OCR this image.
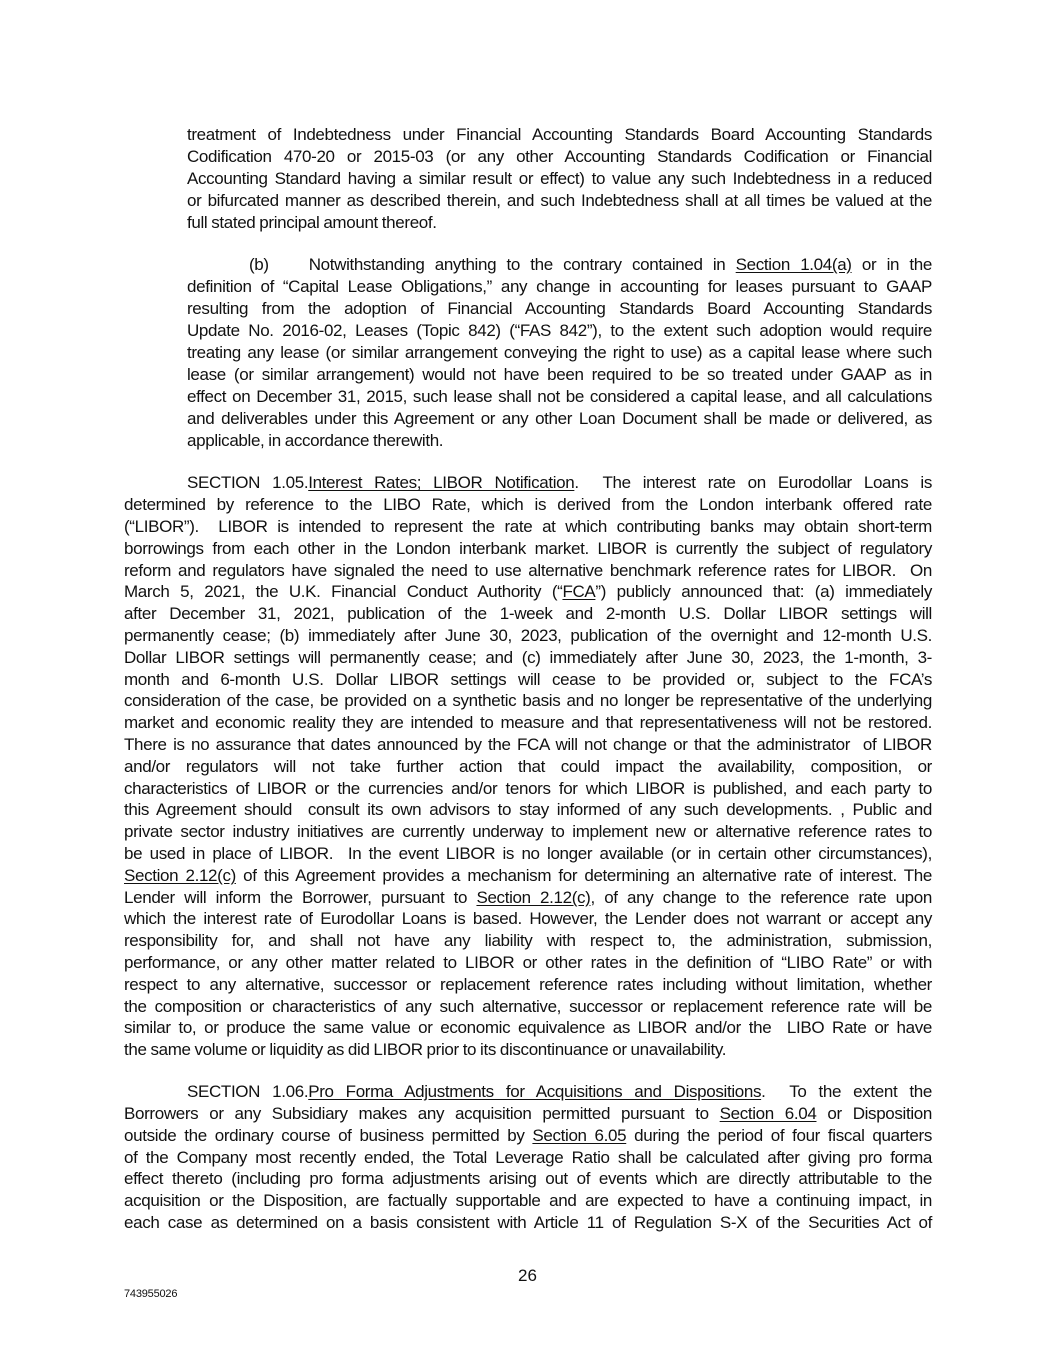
treatment of Indebtedness under Financial Accounting Standards Board Accounting Standards
Codification 470-20 or 2015-03 (or any other Accounting Standards Codification or Financial
Accounting Standard having a similar result or effect) to value any such Indebtedness in a reduced
or bifurcated manner as described therein, and such Indebtedness shall at all times be valued at the
full stated principal amount thereof.
(b) Notwithstanding anything to the contrary contained in Section 1.04(a) or in the
definition of “Capital Lease Obligations,” any change in accounting for leases pursuant to GAAP
resulting from the adoption of Financial Accounting Standards Board Accounting Standards
Update No. 2016-02, Leases (Topic 842) (“FAS 842”), to the extent such adoption would require
treating any lease (or similar arrangement conveying the right to use) as a capital lease where such
lease (or similar arrangement) would not have been required to be so treated under GAAP as in
effect on December 31, 2015, such lease shall not be considered a capital lease, and all calculations
and deliverables under this Agreement or any other Loan Document shall be made or delivered, as
applicable, in accordance therewith.
SECTION 1.05.Interest Rates; LIBOR Notification.  The interest rate on Eurodollar Loans is
determined by reference to the LIBO Rate, which is derived from the London interbank offered rate
(“LIBOR”).  LIBOR is intended to represent the rate at which contributing banks may obtain short-term
borrowings from each other in the London interbank market. LIBOR is currently the subject of regulatory
reform and regulators have signaled the need to use alternative benchmark reference rates for LIBOR.  On
March 5, 2021, the U.K. Financial Conduct Authority (“FCA”) publicly announced that: (a) immediately
after December 31, 2021, publication of the 1-week and 2-month U.S. Dollar LIBOR settings will
permanently cease; (b) immediately after June 30, 2023, publication of the overnight and 12-month U.S.
Dollar LIBOR settings will permanently cease; and (c) immediately after June 30, 2023, the 1-month, 3-
month and 6-month U.S. Dollar LIBOR settings will cease to be provided or, subject to the FCA’s
consideration of the case, be provided on a synthetic basis and no longer be representative of the underlying
market and economic reality they are intended to measure and that representativeness will not be restored.
There is no assurance that dates announced by the FCA will not change or that the administrator  of LIBOR
and/or regulators will not take further action that could impact the availability, composition, or
characteristics of LIBOR or the currencies and/or tenors for which LIBOR is published, and each party to
this Agreement should  consult its own advisors to stay informed of any such developments. , Public and
private sector industry initiatives are currently underway to implement new or alternative reference rates to
be used in place of LIBOR.  In the event LIBOR is no longer available (or in certain other circumstances),
Section 2.12(c) of this Agreement provides a mechanism for determining an alternative rate of interest. The
Lender will inform the Borrower, pursuant to Section 2.12(c), of any change to the reference rate upon
which the interest rate of Eurodollar Loans is based. However, the Lender does not warrant or accept any
responsibility for, and shall not have any liability with respect to, the administration, submission,
performance, or any other matter related to LIBOR or other rates in the definition of “LIBO Rate” or with
respect to any alternative, successor or replacement reference rates including without limitation, whether
the composition or characteristics of any such alternative, successor or replacement reference rate will be
similar to, or produce the same value or economic equivalence as LIBOR and/or the  LIBO Rate or have
the same volume or liquidity as did LIBOR prior to its discontinuance or unavailability.
SECTION 1.06.Pro Forma Adjustments for Acquisitions and Dispositions.  To the extent the
Borrowers or any Subsidiary makes any acquisition permitted pursuant to Section 6.04 or Disposition
outside the ordinary course of business permitted by Section 6.05 during the period of four fiscal quarters
of the Company most recently ended, the Total Leverage Ratio shall be calculated after giving pro forma
effect thereto (including pro forma adjustments arising out of events which are directly attributable to the
acquisition or the Disposition, are factually supportable and are expected to have a continuing impact, in
each case as determined on a basis consistent with Article 11 of Regulation S-X of the Securities Act of
26
743955026
